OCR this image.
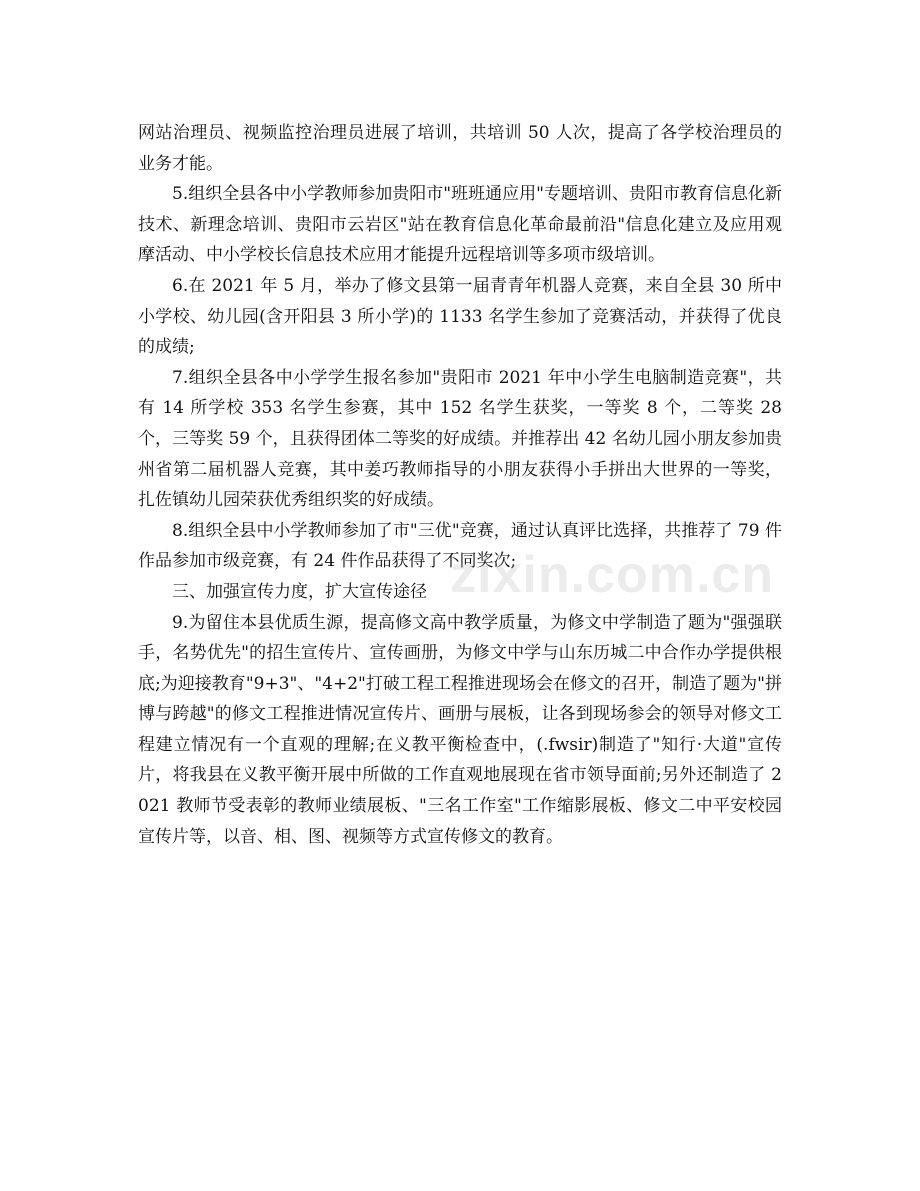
网站治理员、视频监控治理员进展了培训，共培训 50 人次，提高了各学校治理员的业务才能。

5.组织全县各中小学教师参加贵阳市"班班通应用"专题培训、贵阳市教育信息化新技术、新理念培训、贵阳市云岩区"站在教育信息化革命最前沿"信息化建立及应用观摩活动、中小学校长信息技术应用才能提升远程培训等多项市级培训。

6.在 2021 年 5 月，举办了修文县第一届青青年机器人竞赛，来自全县 30 所中小学校、幼儿园(含开阳县 3 所小学)的 1133 名学生参加了竞赛活动，并获得了优良的成绩;

7.组织全县各中小学学生报名参加"贵阳市 2021 年中小学生电脑制造竞赛"，共有 14 所学校 353 名学生参赛，其中 152 名学生获奖，一等奖 8 个，二等奖 28 个，三等奖 59 个，且获得团体二等奖的好成绩。并推荐出 42 名幼儿园小朋友参加贵州省第二届机器人竞赛，其中姜巧教师指导的小朋友获得小手拼出大世界的一等奖，扎佐镇幼儿园荣获优秀组织奖的好成绩。

8.组织全县中小学教师参加了市"三优"竞赛，通过认真评比选择，共推荐了 79 件作品参加市级竞赛，有 24 件作品获得了不同奖次;

三、加强宣传力度，扩大宣传途径

9.为留住本县优质生源，提高修文高中教学质量，为修文中学制造了题为"强强联手，名势优先"的招生宣传片、宣传画册，为修文中学与山东历城二中合作办学提供根底;为迎接教育"9+3"、"4+2"打破工程工程推进现场会在修文的召开，制造了题为"拼博与跨越"的修文工程推进情况宣传片、画册与展板，让各到现场参会的领导对修文工程建立情况有一个直观的理解;在义教平衡检查中，(.fwsir)制造了"知行·大道"宣传片，将我县在义教平衡开展中所做的工作直观地展现在省市领导面前;另外还制造了 2021 教师节受表彰的教师业绩展板、"三名工作室"工作缩影展板、修文二中平安校园宣传片等，以音、相、图、视频等方式宣传修文的教育。

zixin.com.cn
